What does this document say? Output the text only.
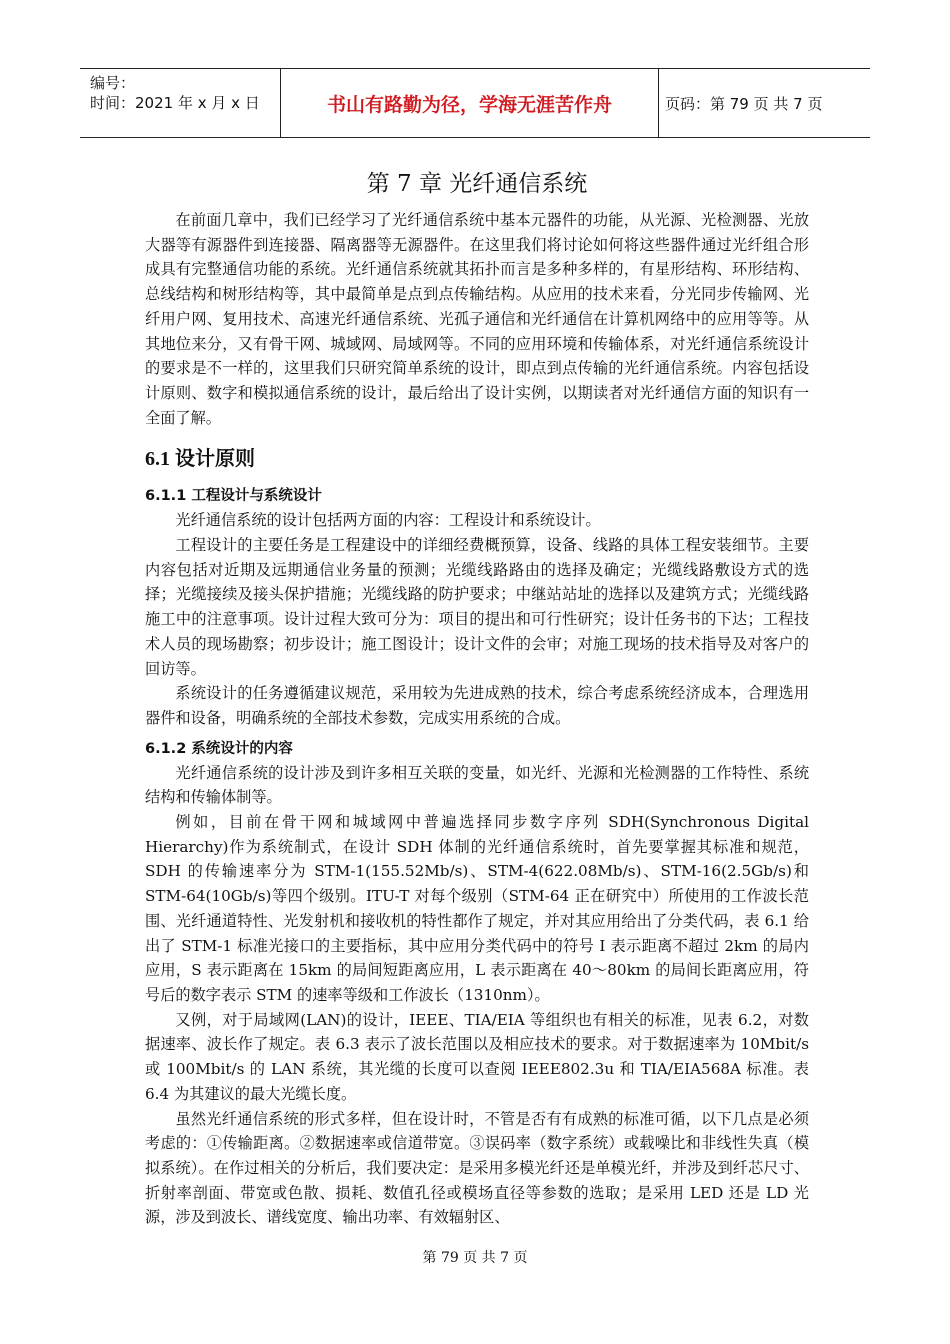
编号：
时间：2021 年 x 月 x 日	书山有路勤为径，学海无涯苦作舟	页码：第 79 页 共 7 页
第 7 章 光纤通信系统

在前面几章中，我们已经学习了光纤通信系统中基本元器件的功能，从光源、光检测器、光放大器等有源器件到连接器、隔离器等无源器件。在这里我们将讨论如何将这些器件通过光纤组合形成具有完整通信功能的系统。光纤通信系统就其拓扑而言是多种多样的，有星形结构、环形结构、总线结构和树形结构等，其中最简单是点到点传输结构。从应用的技术来看，分光同步传输网、光纤用户网、复用技术、高速光纤通信系统、光孤子通信和光纤通信在计算机网络中的应用等等。从其地位来分，又有骨干网、城域网、局域网等。不同的应用环境和传输体系，对光纤通信系统设计的要求是不一样的，这里我们只研究简单系统的设计，即点到点传输的光纤通信系统。内容包括设计原则、数字和模拟通信系统的设计，最后给出了设计实例，以期读者对光纤通信方面的知识有一全面了解。

6.1 设计原则
6.1.1 工程设计与系统设计

光纤通信系统的设计包括两方面的内容：工程设计和系统设计。

工程设计的主要任务是工程建设中的详细经费概预算，设备、线路的具体工程安装细节。主要内容包括对近期及远期通信业务量的预测；光缆线路路由的选择及确定；光缆线路敷设方式的选择；光缆接续及接头保护措施；光缆线路的防护要求；中继站站址的选择以及建筑方式；光缆线路施工中的注意事项。设计过程大致可分为：项目的提出和可行性研究；设计任务书的下达；工程技术人员的现场勘察；初步设计；施工图设计；设计文件的会审；对施工现场的技术指导及对客户的回访等。

系统设计的任务遵循建议规范，采用较为先进成熟的技术，综合考虑系统经济成本，合理选用器件和设备，明确系统的全部技术参数，完成实用系统的合成。

6.1.2 系统设计的内容

光纤通信系统的设计涉及到许多相互关联的变量，如光纤、光源和光检测器的工作特性、系统结构和传输体制等。

例如，目前在骨干网和城域网中普遍选择同步数字序列 SDH(Synchronous Digital Hierarchy)作为系统制式，在设计 SDH 体制的光纤通信系统时，首先要掌握其标准和规范，SDH 的传输速率分为 STM-1(155.52Mb/s)、STM-4(622.08Mb/s)、STM-16(2.5Gb/s)和 STM-64(10Gb/s)等四个级别。ITU-T 对每个级别（STM-64 正在研究中）所使用的工作波长范围、光纤通道特性、光发射机和接收机的特性都作了规定，并对其应用给出了分类代码，表 6.1 给出了 STM-1 标准光接口的主要指标，其中应用分类代码中的符号 I 表示距离不超过 2km 的局内应用，S 表示距离在 15km 的局间短距离应用，L 表示距离在 40～80km 的局间长距离应用，符号后的数字表示 STM 的速率等级和工作波长（1310nm）。

又例，对于局域网(LAN)的设计，IEEE、TIA/EIA 等组织也有相关的标准，见表 6.2，对数据速率、波长作了规定。表 6.3 表示了波长范围以及相应技术的要求。对于数据速率为 10Mbit/s 或 100Mbit/s 的 LAN 系统，其光缆的长度可以查阅 IEEE802.3u 和 TIA/EIA568A 标准。表 6.4 为其建议的最大光缆长度。

虽然光纤通信系统的形式多样，但在设计时，不管是否有有成熟的标准可循，以下几点是必须考虑的：①传输距离。②数据速率或信道带宽。③误码率（数字系统）或载噪比和非线性失真（模拟系统）。在作过相关的分析后，我们要决定：是采用多模光纤还是单模光纤，并涉及到纤芯尺寸、折射率剖面、带宽或色散、损耗、数值孔径或模场直径等参数的选取；是采用 LED 还是 LD 光源，涉及到波长、谱线宽度、输出功率、有效辐射区、

第 79 页 共 7 页
